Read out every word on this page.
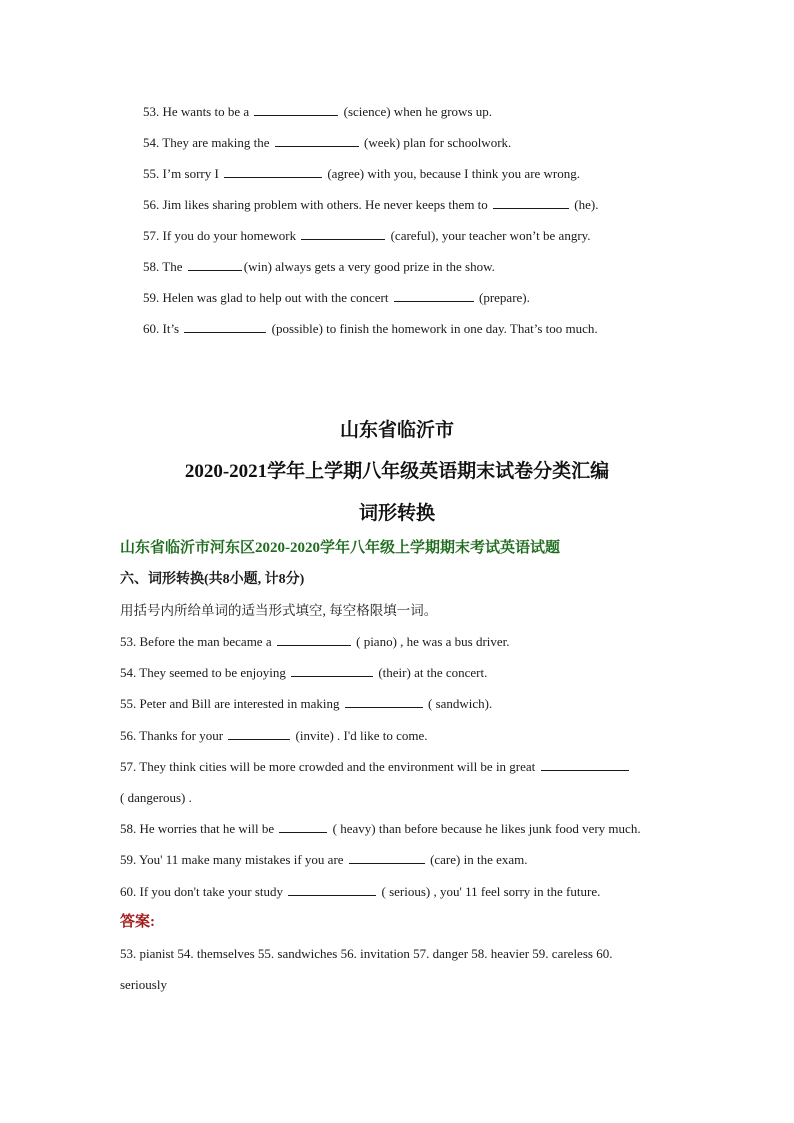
53. He wants to be a	(science) when he grows up.
54. They are making the	(week) plan for schoolwork.
55. I’m sorry I	(agree) with you, because I think you are wrong.
56. Jim likes sharing problem with others. He never keeps them to	(he).
57. If you do your homework	(careful), your teacher won’t be angry.
58. The	(win) always gets a very good prize in the show.
59. Helen was glad to help out with the concert	(prepare).
60. It’s	(possible) to finish the homework in one day. That’s too much.
山东省临沂市
2020-2021学年上学期八年级英语期末试卷分类汇编
词形转换
山东省临沂市河东区2020-2020学年八年级上学期期末考试英语试题
六、词形转换(共8小题, 计8分)
用括号内所给单词的适当形式填空, 每空格限填一词。
53. Before the man became a	( piano) , he was a bus driver.
54. They seemed to be enjoying	(their) at the concert.
55. Peter and Bill are interested in making	( sandwich).
56. Thanks for your	(invite) . I'd like to come.
57. They think cities will be more crowded and the environment will be in great
( dangerous) .
58. He worries that he will be	( heavy) than before because he likes junk food very much.
59. You' 11 make many mistakes if you are	(care) in the exam.
60. If you don't take your study	( serious) , you' 11 feel sorry in the future.
答案:
53. pianist 54. themselves 55. sandwiches 56. invitation 57. danger 58. heavier 59. careless 60.
seriously
